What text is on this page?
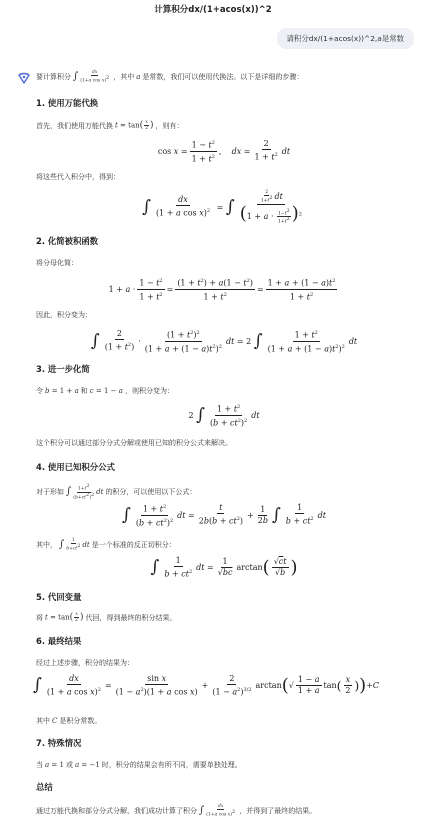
计算积分dx/(1+acos(x))^2
请积分dx/(1+acos(x))^2,a是常数

要计算积分 ∫ $\frac{dx}{\text{(1+a cos x)2}}$ ，其中 a 是常数，我们可以使用代换法。以下是详细的步骤：

1. 使用万能代换

首先，我们使用万能代换 $t = \tan( \frac{x}{2}$ ) ，则有：

$\cos x = \frac{1 - t^2}{1 + t^2}$ , dx = $\frac{2}{1 + t^2}$ dt

将这些代入积分中，得到：

∫ $\frac{dx}{(1 + a \cos x)^2}$ = ∫ $\frac{\frac{2}{1+t2} dt}{(1 + a \cdot \frac{1-t2}{1+t2} )^2}$
2. 化简被积函数

将分母化简：

$1 + a \cdot \frac{1 - t^2}{1 + t^2} = \frac{(1 + t^2) + a(1 - t^2)}{1 + t^2} = \frac{1 + a + (1 - a)t^2}{1 + t^2}$

因此，积分变为：

∫ $\frac{2}{(1 + t^2)} \cdot \frac{(1 + t^2)^2}{(1 + a + (1 - a)t^2)^2}$ dt = 2 ∫ $\frac{1 + t^2}{(1 + a + (1 - a)t^2)^2}$ dt
3. 进一步化简

令 b = 1 + a 和 c = 1 − a ，则积分变为：

2 ∫ $\frac{1 + t^2}{(b + ct^2)^2}$ dt

这个积分可以通过部分分式分解或使用已知的积分公式来解决。

4. 使用已知积分公式

对于形如 ∫ $\frac{1+t2}{(b+ct2)2}$ dt 的积分，可以使用以下公式：

∫ $\frac{1 + t^2}{(b + ct^2)^2}$ dt = $\frac{t}{2b(b + ct^2)} + \frac{1}{2b}$ ∫ $\frac{1}{b + ct^2}$ dt

其中， ∫ $\frac{1}{b+ct2}$ dt 是一个标准的反正切积分：

∫ $\frac{1}{b + ct^2}$ dt = $\frac{1}{√bc}$ arctan ( $\frac{√ct}{√b}$ )
5. 代回变量

将 $t = \tan( \frac{x}{2}$ ) 代回，得到最终的积分结果。

6. 最终结果

经过上述步骤，积分的结果为：

∫ $\frac{dx}{(1 + a \cos x)^2} = \frac{\text{sin x}}{(1 - a^2)(1 + a \cos x)} + \frac{2}{(1 - a^2)^{3/2}}$ arctan ( √ $\frac{1 - a}{1 + a}$ tan ( $\frac{x}{2}$ ) ) + C

其中 C 是积分常数。

7. 特殊情况

当 a = 1 或 a = −1 时，积分的结果会有所不同，需要单独处理。

总结

通过万能代换和部分分式分解，我们成功计算了积分 ∫ $\frac{dx}{\text{(1+a cos x)2}}$ ，并得到了最终的结果。
